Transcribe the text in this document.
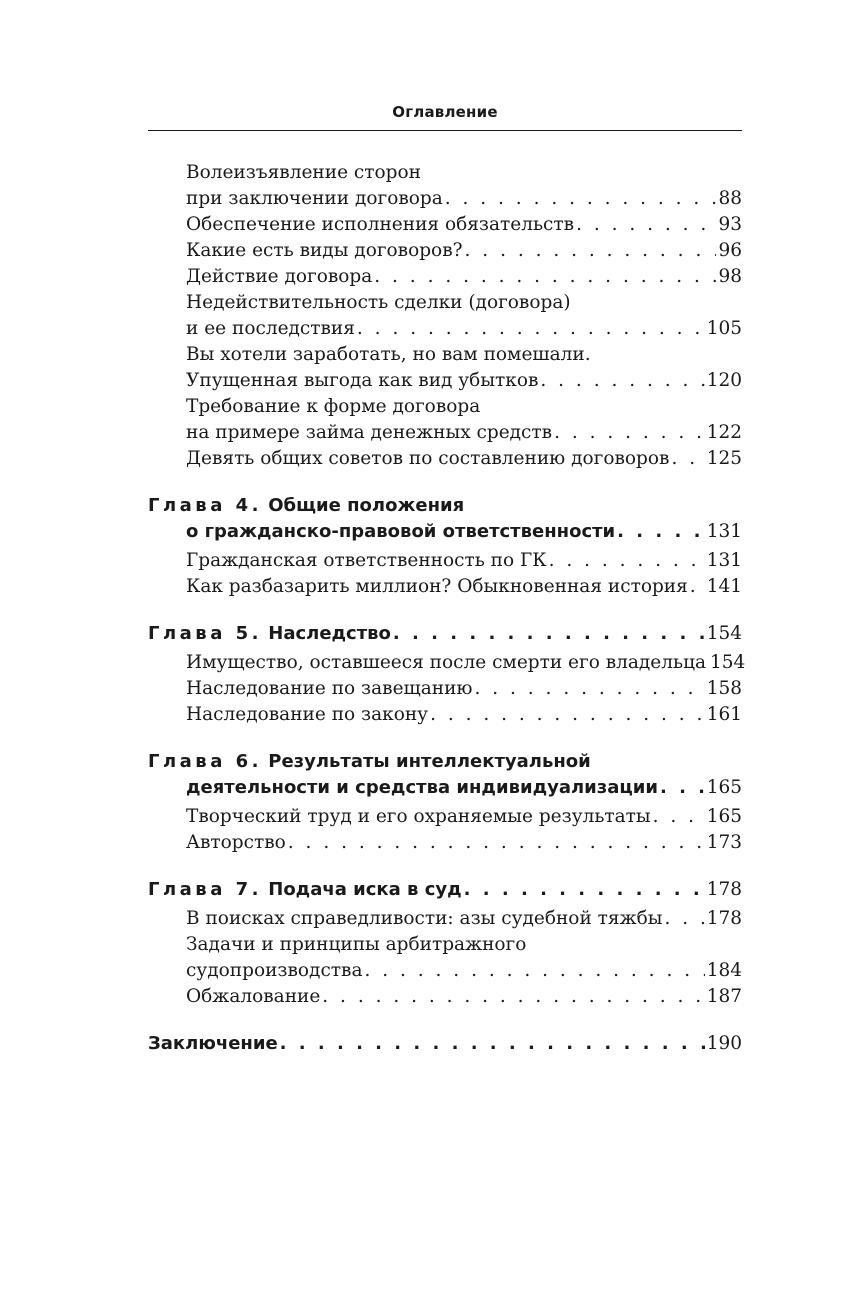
Оглавление
Волеизъявление сторон
при заключении договора . . .	88
Обеспечение исполнения обязательств . . .	93
Какие есть виды договоров? . . .	96
Действие договора . . .	98
Недействительность сделки (договора)
и ее последствия . . .	105
Вы хотели заработать, но вам помешали.
Упущенная выгода как вид убытков . . .	120
Требование к форме договора
на примере займа денежных средств . . .	122
Девять общих советов по составлению договоров . . . 125
Глава 4. Общие положения
о гражданско-правовой ответственности . . .	131
Гражданская ответственность по ГК . . .	131
Как разбазарить миллион? Обыкновенная история . . . 141
Глава 5. Наследство . . .	154
Имущество, оставшееся после смерти его владельца 154
Наследование по завещанию . . .	158
Наследование по закону . . .	161
Глава 6. Результаты интеллектуальной
деятельности и средства индивидуализации . . .	165
Творческий труд и его охраняемые результаты . . .	165
Авторство . . .	173
Глава 7. Подача иска в суд . . .	178
В поисках справедливости: азы судебной тяжбы . . . 178
Задачи и принципы арбитражного
судопроизводства . . .	184
Обжалование . . .	187
Заключение . . .	190
